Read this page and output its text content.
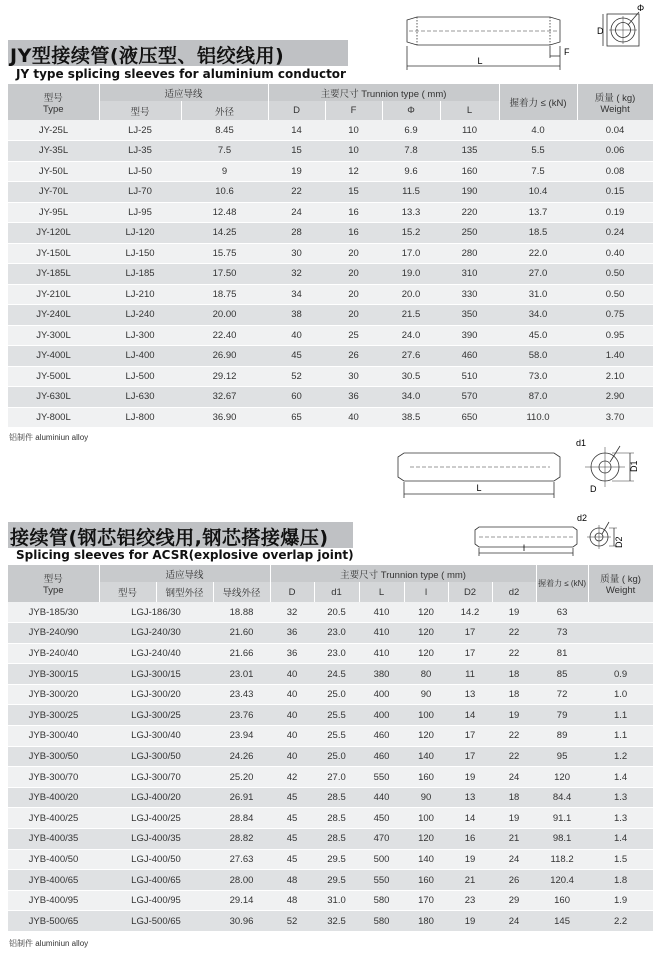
L
F
D
Φ
JY型接续管(液压型、铝绞线用)
JY type splicing sleeves for aluminium conductor
型号
Type	适应导线		主要尺寸 Trunnion type ( mm)				握着力 ≤ (kN)	质量 ( kg)
Weight
	型号	外径	D	F	Φ	L		
JY-25L	LJ-25	8.45	14	10	6.9	110	4.0	0.04
JY-35L	LJ-35	7.5	15	10	7.8	135	5.5	0.06
JY-50L	LJ-50	9	19	12	9.6	160	7.5	0.08
JY-70L	LJ-70	10.6	22	15	11.5	190	10.4	0.15
JY-95L	LJ-95	12.48	24	16	13.3	220	13.7	0.19
JY-120L	LJ-120	14.25	28	16	15.2	250	18.5	0.24
JY-150L	LJ-150	15.75	30	20	17.0	280	22.0	0.40
JY-185L	LJ-185	17.50	32	20	19.0	310	27.0	0.50
JY-210L	LJ-210	18.75	34	20	20.0	330	31.0	0.50
JY-240L	LJ-240	20.00	38	20	21.5	350	34.0	0.75
JY-300L	LJ-300	22.40	40	25	24.0	390	45.0	0.95
JY-400L	LJ-400	26.90	45	26	27.6	460	58.0	1.40
JY-500L	LJ-500	29.12	52	30	30.5	510	73.0	2.10
JY-630L	LJ-630	32.67	60	36	34.0	570	87.0	2.90
JY-800L	LJ-800	36.90	65	40	38.5	650	110.0	3.70
铝制件 aluminiun alloy
d1
D
D1
L
接续管(钢芯铝绞线用,钢芯搭接爆压)
Splicing sleeves for ACSR(explosive overlap joint)
d2
D2
l
型号
Type	适应导线			主要尺寸 Trunnion type ( mm)						握着力 ≤ (kN)	质量 ( kg)
Weight
	型号	钢型外径	导线外径	D	d1	L	l	D2	d2		
JYB-185/30	LGJ-186/30		18.88	32	20.5	410	120	14.2	19	63	
JYB-240/90	LGJ-240/30		21.60	36	23.0	410	120	17	22	73	
JYB-240/40	LGJ-240/40		21.66	36	23.0	410	120	17	22	81	
JYB-300/15	LGJ-300/15		23.01	40	24.5	380	80	11	18	85	0.9
JYB-300/20	LGJ-300/20		23.43	40	25.0	400	90	13	18	72	1.0
JYB-300/25	LGJ-300/25		23.76	40	25.5	400	100	14	19	79	1.1
JYB-300/40	LGJ-300/40		23.94	40	25.5	460	120	17	22	89	1.1
JYB-300/50	LGJ-300/50		24.26	40	25.0	460	140	17	22	95	1.2
JYB-300/70	LGJ-300/70		25.20	42	27.0	550	160	19	24	120	1.4
JYB-400/20	LGJ-400/20		26.91	45	28.5	440	90	13	18	84.4	1.3
JYB-400/25	LGJ-400/25		28.84	45	28.5	450	100	14	19	91.1	1.3
JYB-400/35	LGJ-400/35		28.82	45	28.5	470	120	16	21	98.1	1.4
JYB-400/50	LGJ-400/50		27.63	45	29.5	500	140	19	24	118.2	1.5
JYB-400/65	LGJ-400/65		28.00	48	29.5	550	160	21	26	120.4	1.8
JYB-400/95	LGJ-400/95		29.14	48	31.0	580	170	23	29	160	1.9
JYB-500/65	LGJ-500/65		30.96	52	32.5	580	180	19	24	145	2.2
铝制件 aluminiun alloy
